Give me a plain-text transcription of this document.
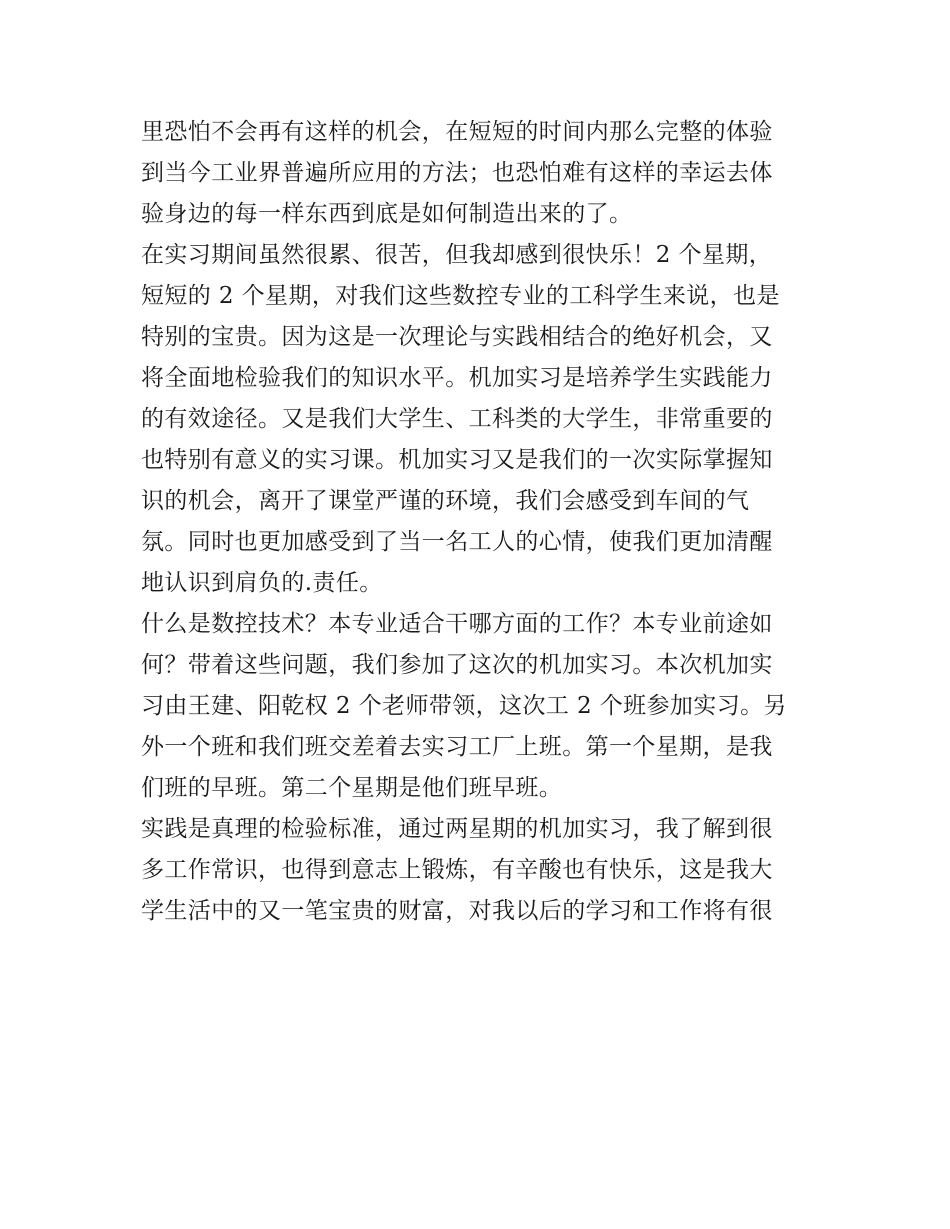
里恐怕不会再有这样的机会，在短短的时间内那么完整的体验
到当今工业界普遍所应用的方法；也恐怕难有这样的幸运去体
验身边的每一样东西到底是如何制造出来的了。
在实习期间虽然很累、很苦，但我却感到很快乐！2 个星期，
短短的 2 个星期，对我们这些数控专业的工科学生来说，也是
特别的宝贵。因为这是一次理论与实践相结合的绝好机会，又
将全面地检验我们的知识水平。机加实习是培养学生实践能力
的有效途径。又是我们大学生、工科类的大学生，非常重要的
也特别有意义的实习课。机加实习又是我们的一次实际掌握知
识的机会，离开了课堂严谨的环境，我们会感受到车间的气
氛。同时也更加感受到了当一名工人的心情，使我们更加清醒
地认识到肩负的.责任。
什么是数控技术？本专业适合干哪方面的工作？本专业前途如
何？带着这些问题，我们参加了这次的机加实习。本次机加实
习由王建、阳乾权 2 个老师带领，这次工 2 个班参加实习。另
外一个班和我们班交差着去实习工厂上班。第一个星期，是我
们班的早班。第二个星期是他们班早班。
实践是真理的检验标准，通过两星期的机加实习，我了解到很
多工作常识，也得到意志上锻炼，有辛酸也有快乐，这是我大
学生活中的又一笔宝贵的财富，对我以后的学习和工作将有很
